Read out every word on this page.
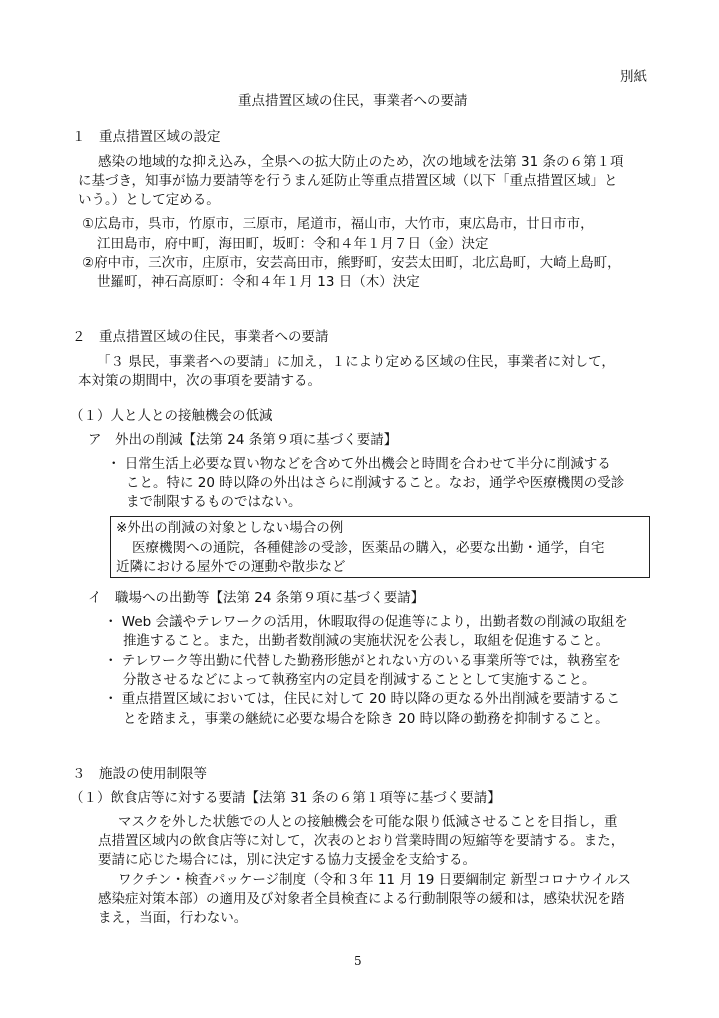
別紙
重点措置区域の住民，事業者への要請
１　重点措置区域の設定
感染の地域的な抑え込み，全県への拡大防止のため，次の地域を法第 31 条の６第１項
に基づき，知事が協力要請等を行うまん延防止等重点措置区域（以下「重点措置区域」と
いう。）として定める。
①広島市，呉市，竹原市，三原市，尾道市，福山市，大竹市，東広島市，廿日市市，
江田島市，府中町，海田町，坂町：令和４年１月７日（金）決定
②府中市，三次市，庄原市，安芸高田市，熊野町，安芸太田町，北広島町，大崎上島町，
世羅町，神石高原町：令和４年１月 13 日（木）決定
２　重点措置区域の住民，事業者への要請
「３ 県民，事業者への要請」に加え，１により定める区域の住民，事業者に対して，
本対策の期間中，次の事項を要請する。
（１）人と人との接触機会の低減
ア　外出の削減【法第 24 条第９項に基づく要請】
・ 日常生活上必要な買い物などを含めて外出機会と時間を合わせて半分に削減する
こと。特に 20 時以降の外出はさらに削減すること。なお，通学や医療機関の受診
まで制限するものではない。
※外出の削減の対象としない場合の例
医療機関への通院，各種健診の受診，医薬品の購入，必要な出勤・通学，自宅
近隣における屋外での運動や散歩など
イ　職場への出勤等【法第 24 条第９項に基づく要請】
・ Web 会議やテレワークの活用，休暇取得の促進等により，出勤者数の削減の取組を
推進すること。また，出勤者数削減の実施状況を公表し，取組を促進すること。
・ テレワーク等出勤に代替した勤務形態がとれない方のいる事業所等では，執務室を
分散させるなどによって執務室内の定員を削減することとして実施すること。
・ 重点措置区域においては，住民に対して 20 時以降の更なる外出削減を要請するこ
とを踏まえ，事業の継続に必要な場合を除き 20 時以降の勤務を抑制すること。
３　施設の使用制限等
（１）飲食店等に対する要請【法第 31 条の６第１項等に基づく要請】
マスクを外した状態での人との接触機会を可能な限り低減させることを目指し，重
点措置区域内の飲食店等に対して，次表のとおり営業時間の短縮等を要請する。また，
要請に応じた場合には，別に決定する協力支援金を支給する。
ワクチン・検査パッケージ制度（令和３年 11 月 19 日要綱制定 新型コロナウイルス
感染症対策本部）の適用及び対象者全員検査による行動制限等の緩和は，感染状況を踏
まえ，当面，行わない。
5
